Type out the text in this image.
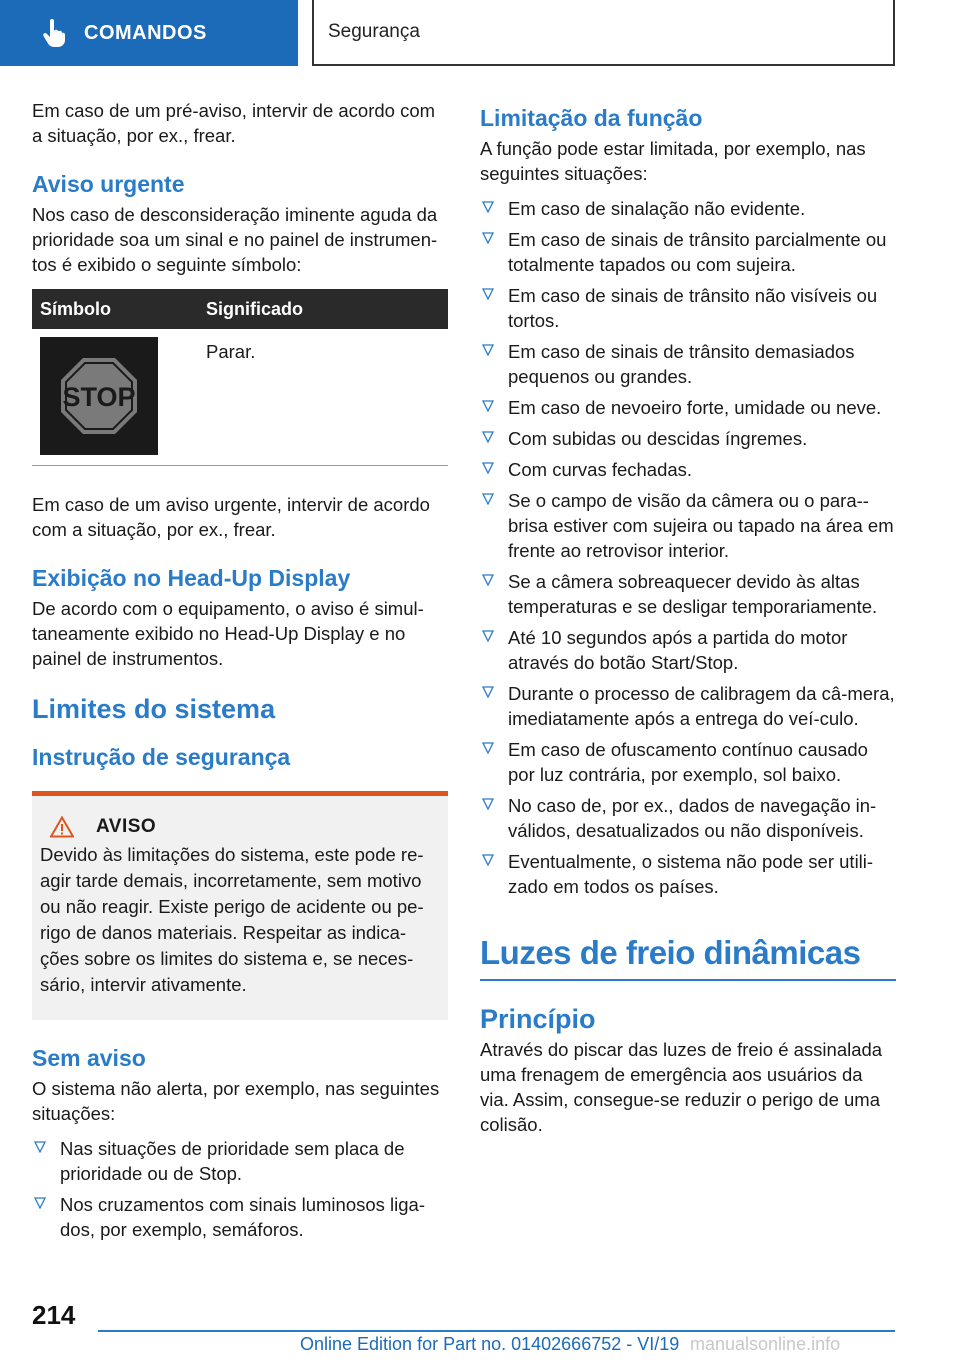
COMANDOS	Segurança

Em caso de um pré-aviso, intervir de acordo com a situação, por ex., frear.

Aviso urgente

Nos caso de desconsideração iminente aguda da prioridade soa um sinal e no painel de instrumen-tos é exibido o seguinte símbolo:

Símbolo	Significado
STOP
Parar.

Em caso de um aviso urgente, intervir de acordo com a situação, por ex., frear.

Exibição no Head-Up Display

De acordo com o equipamento, o aviso é simul-taneamente exibido no Head-Up Display e no painel de instrumentos.

Limites do sistema
Instrução de segurança
AVISO

Devido às limitações do sistema, este pode re-agir tarde demais, incorretamente, sem motivo ou não reagir. Existe perigo de acidente ou pe-rigo de danos materiais. Respeitar as indica-ções sobre os limites do sistema e, se neces-sário, intervir ativamente.

Sem aviso

O sistema não alerta, por exemplo, nas seguintes situações:

Nas situações de prioridade sem placa de prioridade ou de Stop.
Nos cruzamentos com sinais luminosos liga-dos, por exemplo, semáforos.
Limitação da função

A função pode estar limitada, por exemplo, nas seguintes situações:

Em caso de sinalação não evidente.
Em caso de sinais de trânsito parcialmente ou totalmente tapados ou com sujeira.
Em caso de sinais de trânsito não visíveis ou tortos.
Em caso de sinais de trânsito demasiados pequenos ou grandes.
Em caso de nevoeiro forte, umidade ou neve.
Com subidas ou descidas íngremes.
Com curvas fechadas.
Se o campo de visão da câmera ou o para--brisa estiver com sujeira ou tapado na área em frente ao retrovisor interior.
Se a câmera sobreaquecer devido às altas temperaturas e se desligar temporariamente.
Até 10 segundos após a partida do motor através do botão Start/Stop.
Durante o processo de calibragem da câ-mera, imediatamente após a entrega do veí-culo.
Em caso de ofuscamento contínuo causado por luz contrária, por exemplo, sol baixo.
No caso de, por ex., dados de navegação in-válidos, desatualizados ou não disponíveis.
Eventualmente, o sistema não pode ser utili-zado em todos os países.
Luzes de freio dinâmicas
Princípio

Através do piscar das luzes de freio é assinalada uma frenagem de emergência aos usuários da via. Assim, consegue-se reduzir o perigo de uma colisão.

214
Online Edition for Part no. 01402666752 - VI/19 manualsonline.info
